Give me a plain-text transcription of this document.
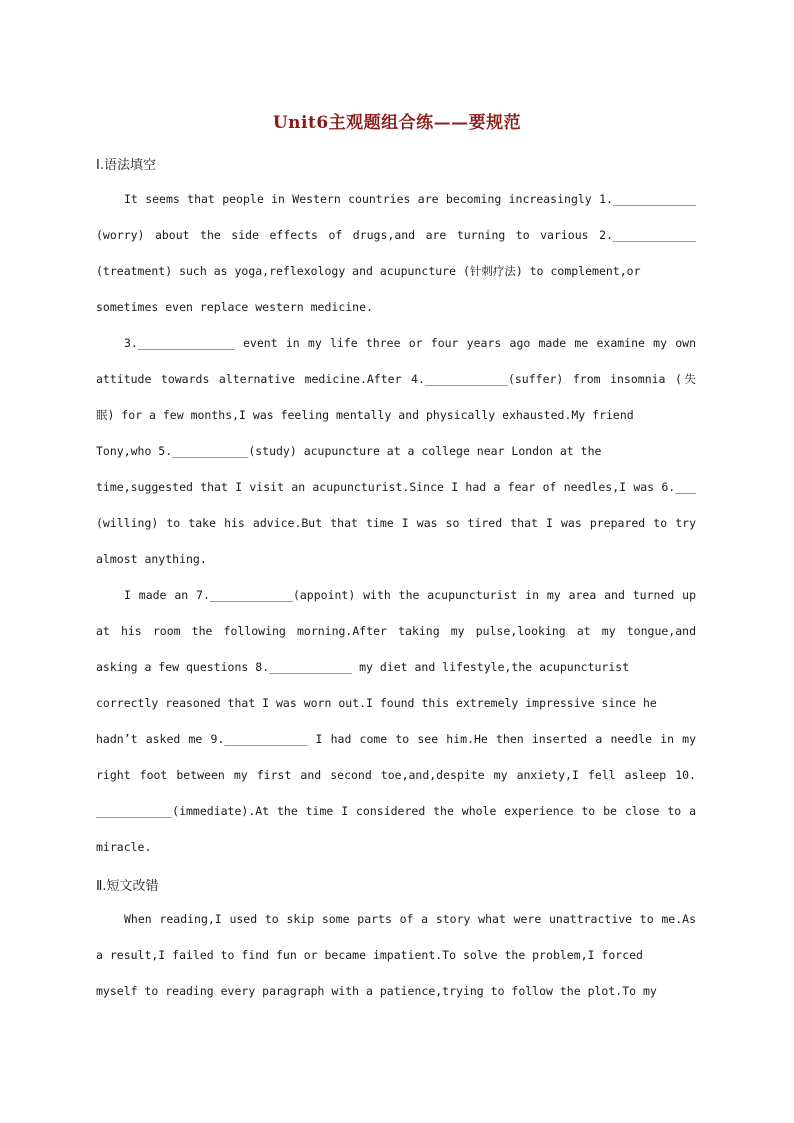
Unit6主观题组合练——要规范
Ⅰ.语法填空
It seems that people in Western countries are becoming increasingly 1.____________
(worry) about the side effects of drugs,and are turning to various 2.____________
(treatment) such as yoga,reflexology and acupuncture (针刺疗法) to complement,or
sometimes even replace western medicine.
3.______________ event in my life three or four years ago made me examine my own
attitude towards alternative medicine.After 4.____________(suffer) from insomnia (失
眠) for a few months,I was feeling mentally and physically exhausted.My friend
Tony,who 5.___________(study) acupuncture at a college near London at the
time,suggested that I visit an acupuncturist.Since I had a fear of needles,I was 6.___
(willing) to take his advice.But that time I was so tired that I was prepared to try
almost anything.
I made an 7.____________(appoint) with the acupuncturist in my area and turned up
at his room the following morning.After taking my pulse,looking at my tongue,and
asking a few questions 8.____________ my diet and lifestyle,the acupuncturist
correctly reasoned that I was worn out.I found this extremely impressive since he
hadn’t asked me 9.____________ I had come to see him.He then inserted a needle in my
right foot between my first and second toe,and,despite my anxiety,I fell asleep 10.
___________(immediate).At the time I considered the whole experience to be close to a
miracle.
Ⅱ.短文改错
When reading,I used to skip some parts of a story what were unattractive to me.As
a result,I failed to find fun or became impatient.To solve the problem,I forced
myself to reading every paragraph with a patience,trying to follow the plot.To my
